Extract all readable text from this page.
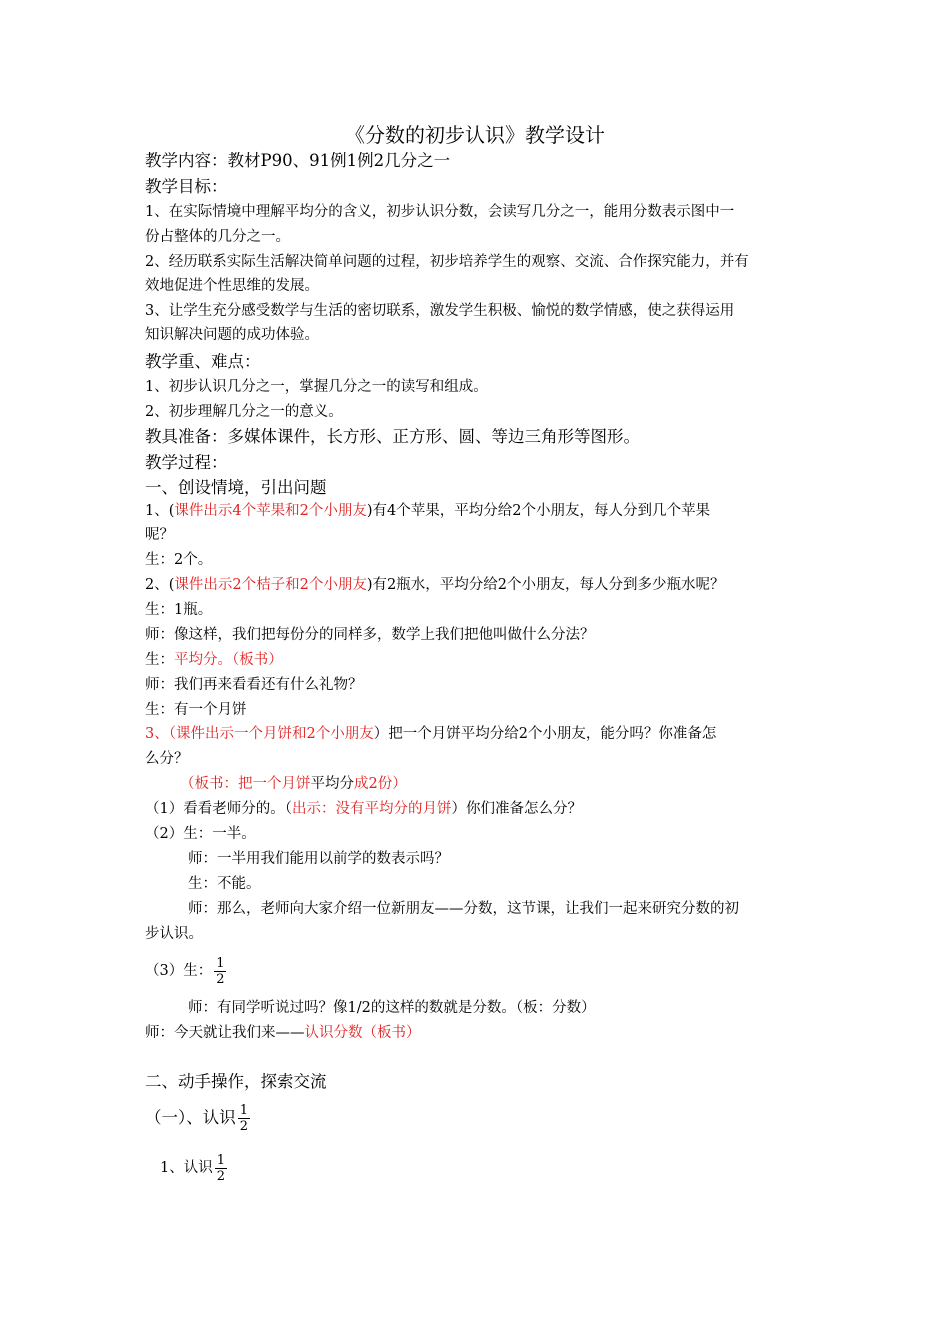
《分数的初步认识》教学设计
教学内容：教材P90、91例1例2几分之一
教学目标：
1、在实际情境中理解平均分的含义，初步认识分数，会读写几分之一，能用分数表示图中一
份占整体的几分之一。
2、经历联系实际生活解决简单问题的过程，初步培养学生的观察、交流、合作探究能力，并有
效地促进个性思维的发展。
3、让学生充分感受数学与生活的密切联系，激发学生积极、愉悦的数学情感，使之获得运用
知识解决问题的成功体验。
教学重、难点：
1、初步认识几分之一，掌握几分之一的读写和组成。
2、初步理解几分之一的意义。
教具准备：多媒体课件，长方形、正方形、圆、等边三角形等图形。
教学过程：
一、创设情境，引出问题
1、(课件出示4个苹果和2个小朋友)有4个苹果，平均分给2个小朋友，每人分到几个苹果
呢？
生：2个。
2、(课件出示2个桔子和2个小朋友)有2瓶水，平均分给2个小朋友，每人分到多少瓶水呢？
生：1瓶。
师：像这样，我们把每份分的同样多，数学上我们把他叫做什么分法？
生：平均分。（板书）
师：我们再来看看还有什么礼物？
生：有一个月饼
3、（课件出示一个月饼和2个小朋友）把一个月饼平均分给2个小朋友，能分吗？你准备怎
么分？
（板书：把一个月饼平均分成2份）
（1）看看老师分的。（出示：没有平均分的月饼）你们准备怎么分？
（2）生：一半。
师：一半用我们能用以前学的数表示吗？
生：不能。
师：那么，老师向大家介绍一位新朋友——分数，这节课，让我们一起来研究分数的初
步认识。
（3）生： $\frac{1}{2}$
师：有同学听说过吗？像1/2的这样的数就是分数。（板：分数）
师：今天就让我们来——认识分数（板书）
二、动手操作，探索交流
（一）、认识 $\frac{1}{2}$
1、认识 $\frac{1}{2}$
